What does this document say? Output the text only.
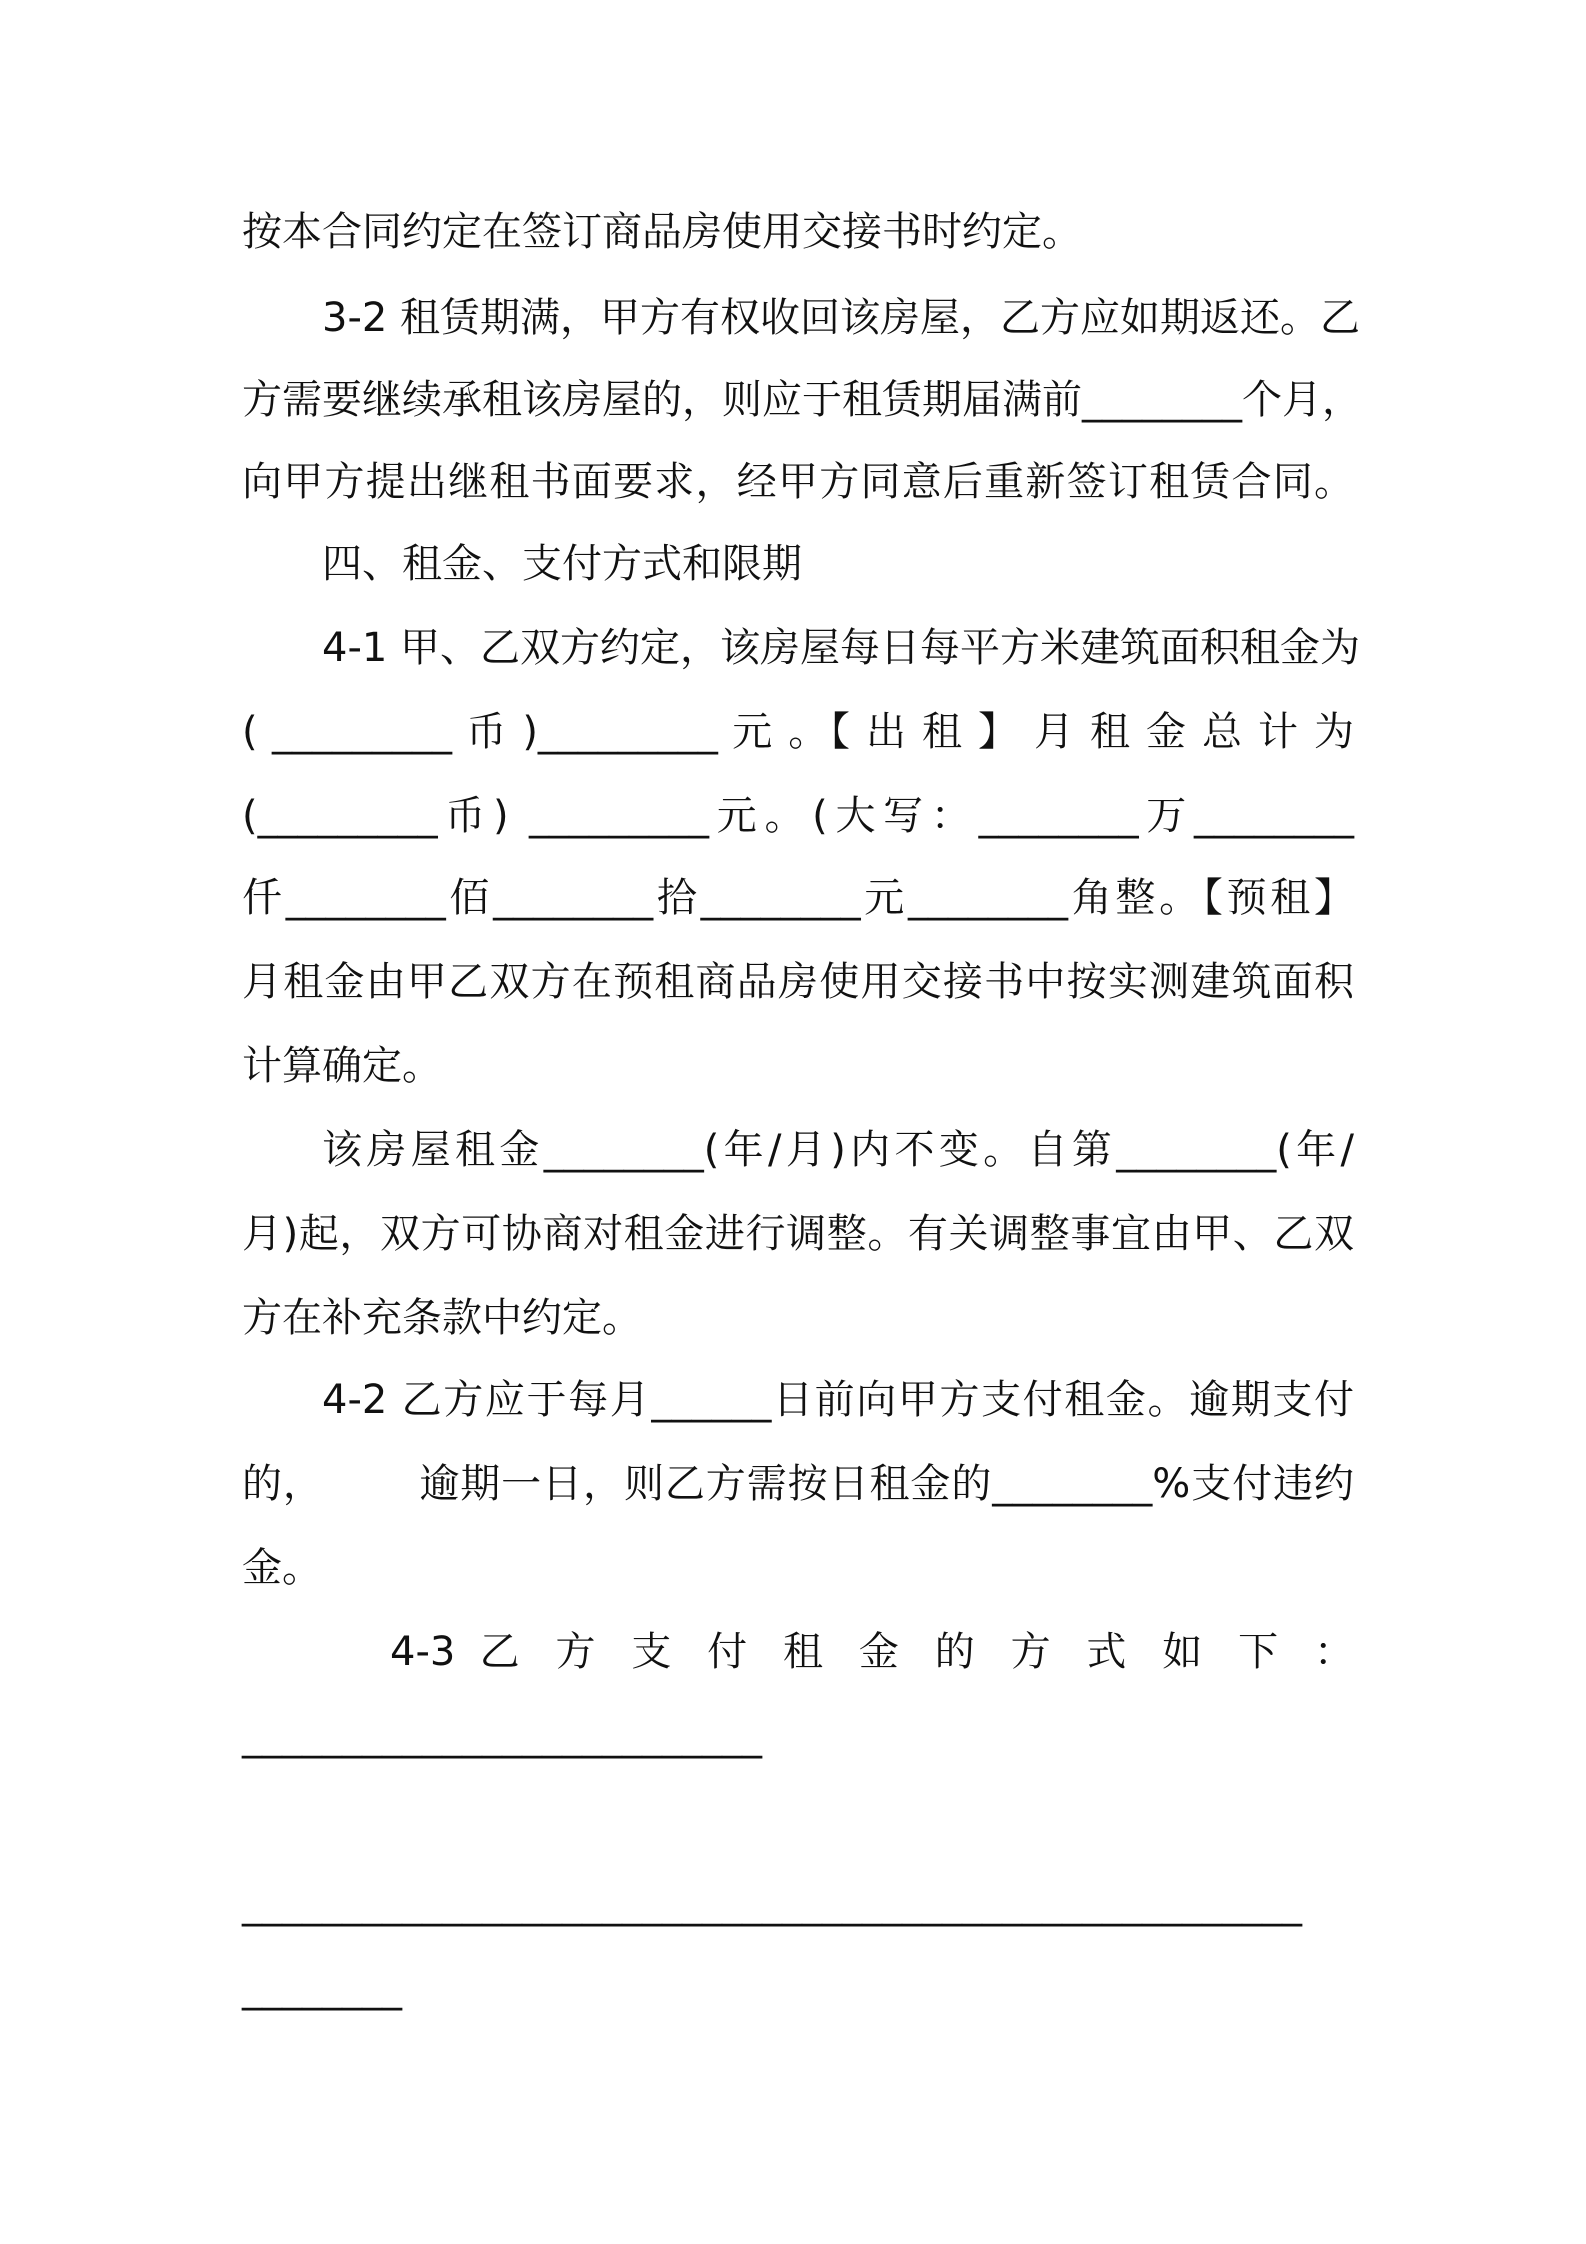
按本合同约定在签订商品房使用交接书时约定。

3-2 租赁期满，甲方有权收回该房屋，乙方应如期返还。乙

方需要继续承租该房屋的，则应于租赁期届满前________个月，

向甲方提出继租书面要求，经甲方同意后重新签订租赁合同。

四、租金、支付方式和限期

4-1 甲、乙双方约定，该房屋每日每平方米建筑面积租金为

( _________ 币 )_________ 元 。【 出 租 】 月 租 金 总 计 为

(_________币) _________元。(大写：________万________

仟________佰________拾________元________角整。【预租】

月租金由甲乙双方在预租商品房使用交接书中按实测建筑面积

计算确定。

该房屋租金________(年/月)内不变。自第________(年/

月)起，双方可协商对租金进行调整。有关调整事宜由甲、乙双

方在补充条款中约定。

4-2 乙方应于每月______日前向甲方支付租金。逾期支付

的，       逾期一日，则乙方需按日租金的________%支付违约

金。

4-3 乙 方 支 付 租 金 的 方 式 如 下 ：

__________________________

_____________________________________________________

________
